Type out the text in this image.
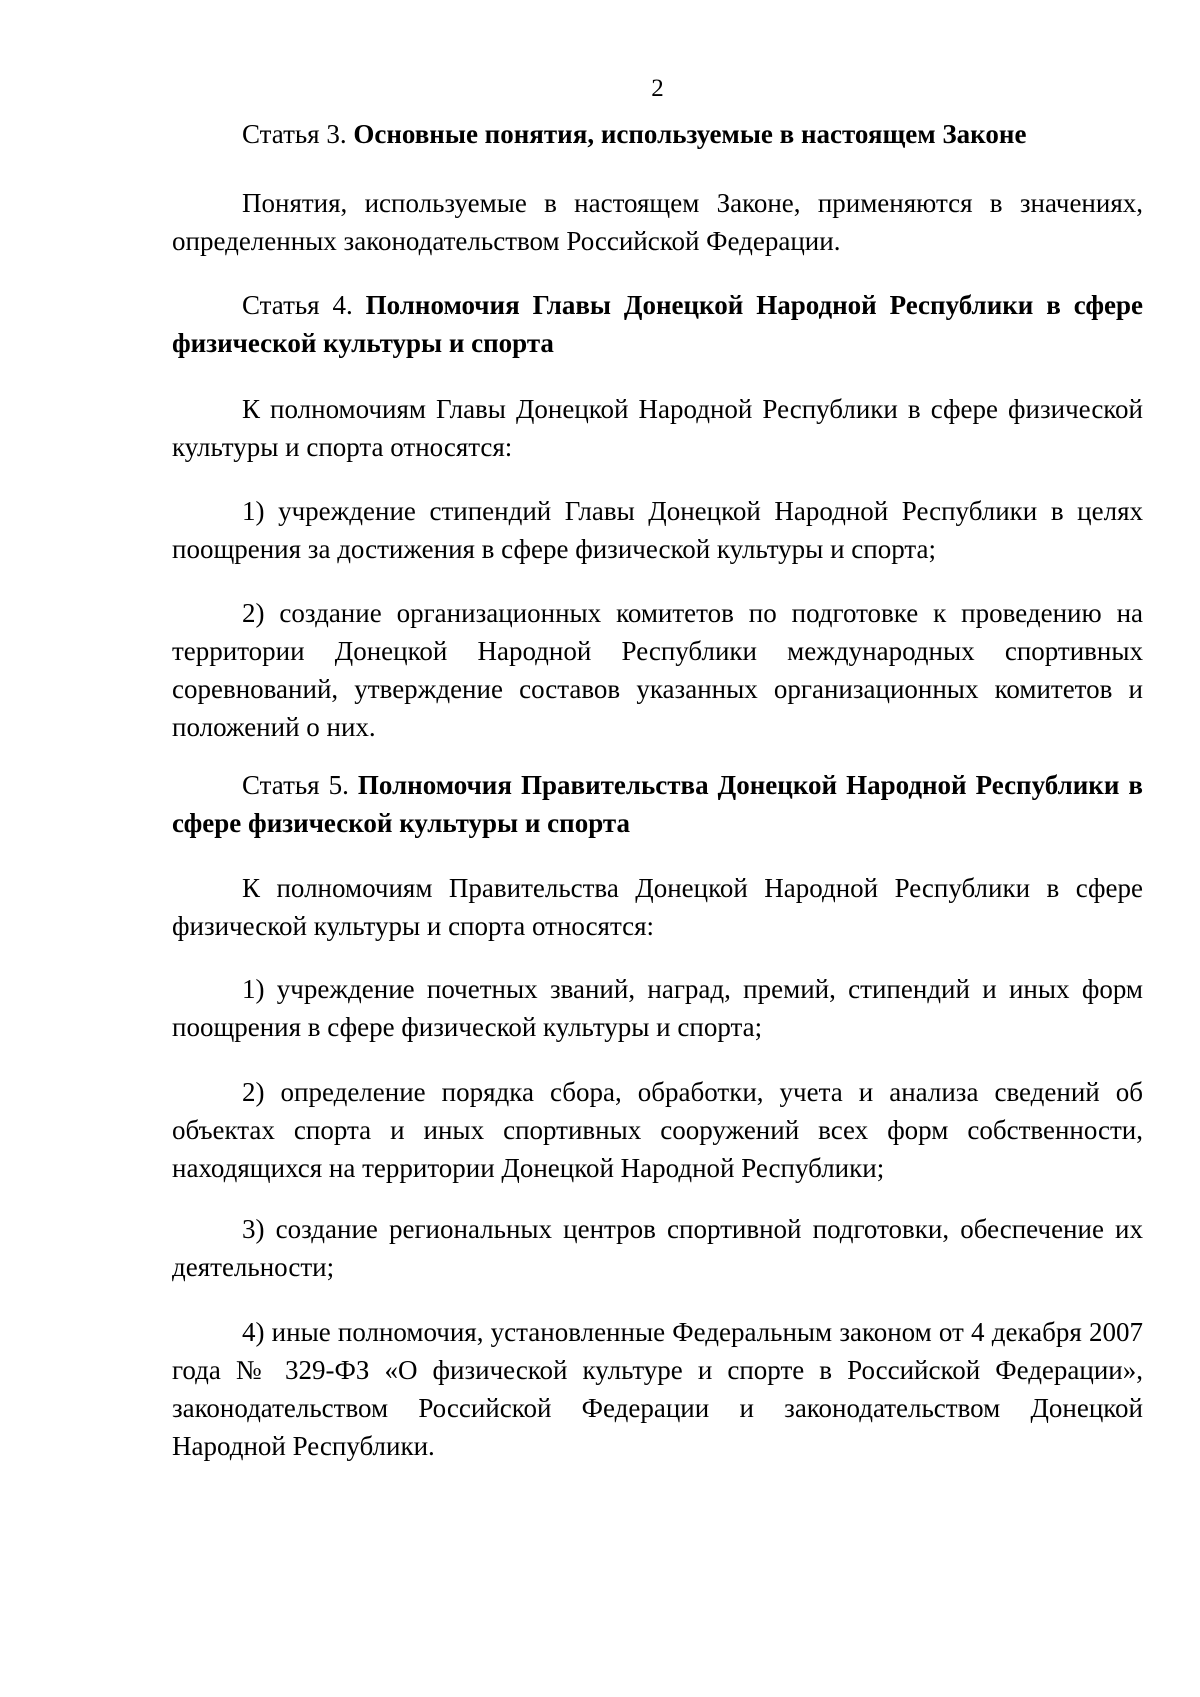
2

Статья 3. Основные понятия, используемые в настоящем Законе

Понятия, используемые в настоящем Законе, применяются в значениях, определенных законодательством Российской Федерации.

Статья 4. Полномочия Главы Донецкой Народной Республики в сфере физической культуры и спорта

К полномочиям Главы Донецкой Народной Республики в сфере физической культуры и спорта относятся:

1) учреждение стипендий Главы Донецкой Народной Республики в целях поощрения за достижения в сфере физической культуры и спорта;

2) создание организационных комитетов по подготовке к проведению на территории Донецкой Народной Республики международных спортивных соревнований, утверждение составов указанных организационных комитетов и положений о них.

Статья 5. Полномочия Правительства Донецкой Народной Республики в сфере физической культуры и спорта

К полномочиям Правительства Донецкой Народной Республики в сфере физической культуры и спорта относятся:

1) учреждение почетных званий, наград, премий, стипендий и иных форм поощрения в сфере физической культуры и спорта;

2) определение порядка сбора, обработки, учета и анализа сведений об объектах спорта и иных спортивных сооружений всех форм собственности, находящихся на территории Донецкой Народной Республики;

3) создание региональных центров спортивной подготовки, обеспечение их деятельности;

4) иные полномочия, установленные Федеральным законом от 4 декабря 2007 года № 329-ФЗ «О физической культуре и спорте в Российской Федерации», законодательством Российской Федерации и законодательством Донецкой Народной Республики.
